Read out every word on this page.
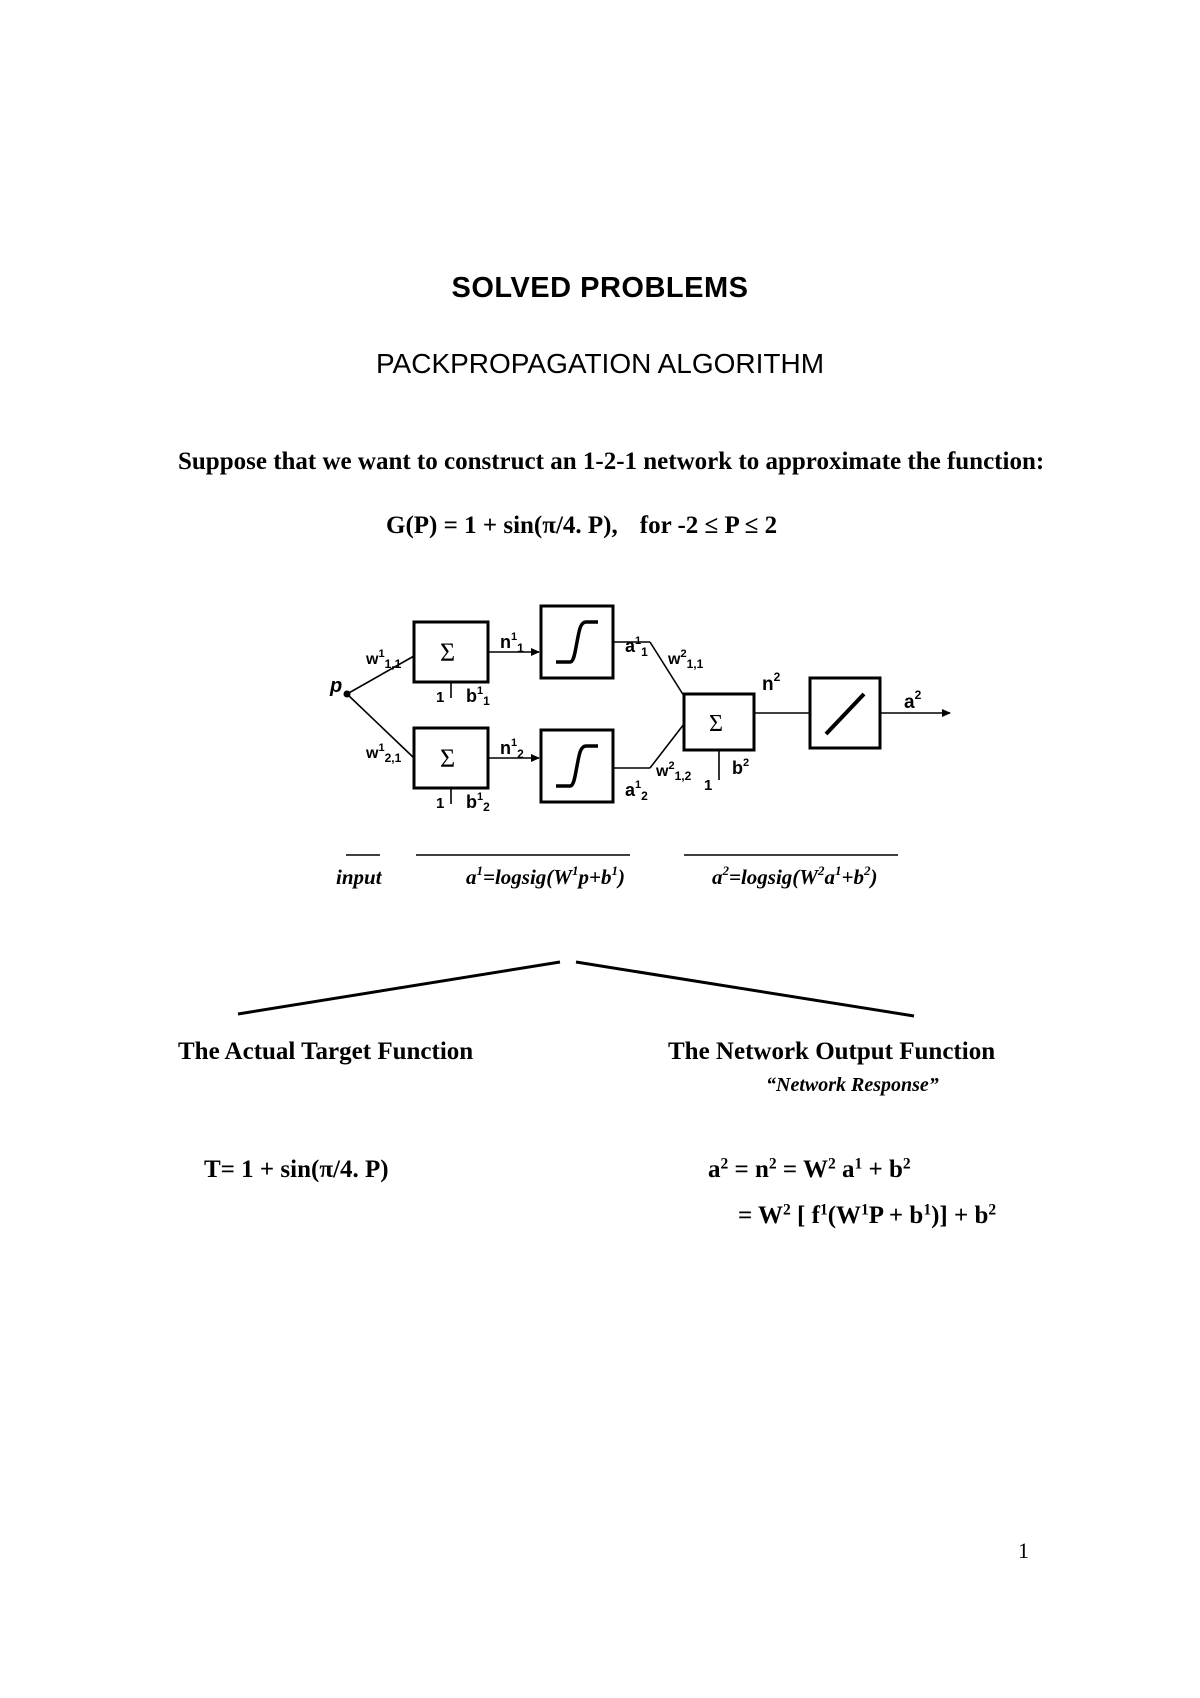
SOLVED PROBLEMS
PACKPROPAGATION ALGORITHM
Suppose that we want to construct an 1-2-1 network to approximate the function:
G(P) = 1 + sin(π/4. P), for -2 ≤ P ≤ 2
p
Σ
Σ
Σ
$w^1_{1,1}$
$w^1_{2,1}$
$n^1_1$
$n^1_2$
1 $b^1_1$
1 $b^1_2$
$a^1_1$
$a^1_2$
$w^2_{1,1}$
$w^2_{1,2}$
1
$b^2$
$n^2$
$a^2$
input	$a^1=logsig(W^1p+b^1)$	$a^2=logsig(W^2a^1+b^2)$
The Actual Target Function	The Network Output Function
“Network Response”
T= 1 + sin(π/4. P)	$a^2 = n^2 = W^2$ $a^1 + b^2$
= $W^2$ [ $f^1(W^1P + b^1)] + b^2$
1
